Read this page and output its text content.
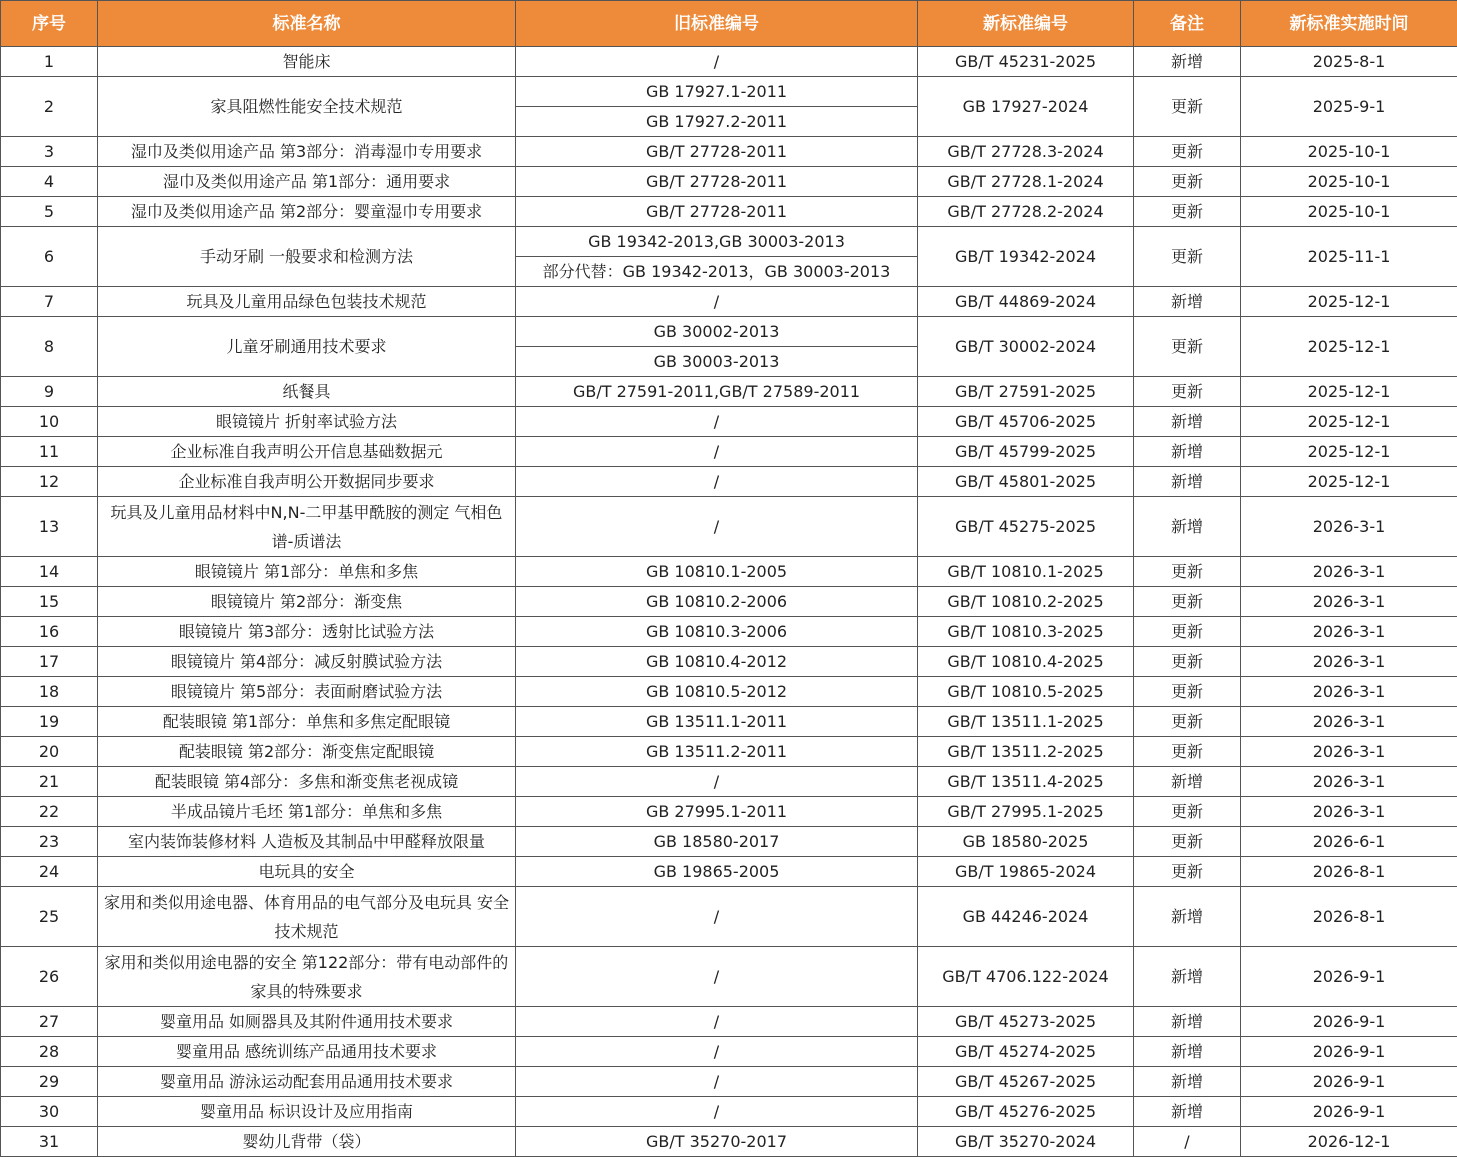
序号	标准名称	旧标准编号	新标准编号	备注	新标准实施时间
1	智能床	/	GB/T 45231-2025	新增	2025-8-1
2	家具阻燃性能安全技术规范	GB 17927.1-2011	GB 17927-2024	更新	2025-9-1
		GB 17927.2-2011			
3	湿巾及类似用途产品 第3部分：消毒湿巾专用要求	GB/T 27728-2011	GB/T 27728.3-2024	更新	2025-10-1
4	湿巾及类似用途产品 第1部分：通用要求	GB/T 27728-2011	GB/T 27728.1-2024	更新	2025-10-1
5	湿巾及类似用途产品 第2部分：婴童湿巾专用要求	GB/T 27728-2011	GB/T 27728.2-2024	更新	2025-10-1
6	手动牙刷 一般要求和检测方法	GB 19342-2013,GB 30003-2013	GB/T 19342-2024	更新	2025-11-1
		部分代替：GB 19342-2013，GB 30003-2013			
7	玩具及儿童用品绿色包装技术规范	/	GB/T 44869-2024	新增	2025-12-1
8	儿童牙刷通用技术要求	GB 30002-2013	GB/T 30002-2024	更新	2025-12-1
		GB 30003-2013			
9	纸餐具	GB/T 27591-2011,GB/T 27589-2011	GB/T 27591-2025	更新	2025-12-1
10	眼镜镜片 折射率试验方法	/	GB/T 45706-2025	新增	2025-12-1
11	企业标准自我声明公开信息基础数据元	/	GB/T 45799-2025	新增	2025-12-1
12	企业标准自我声明公开数据同步要求	/	GB/T 45801-2025	新增	2025-12-1
13	玩具及儿童用品材料中N,N-二甲基甲酰胺的测定 气相色谱-质谱法	/	GB/T 45275-2025	新增	2026-3-1
14	眼镜镜片 第1部分：单焦和多焦	GB 10810.1-2005	GB/T 10810.1-2025	更新	2026-3-1
15	眼镜镜片 第2部分：渐变焦	GB 10810.2-2006	GB/T 10810.2-2025	更新	2026-3-1
16	眼镜镜片 第3部分：透射比试验方法	GB 10810.3-2006	GB/T 10810.3-2025	更新	2026-3-1
17	眼镜镜片 第4部分：减反射膜试验方法	GB 10810.4-2012	GB/T 10810.4-2025	更新	2026-3-1
18	眼镜镜片 第5部分：表面耐磨试验方法	GB 10810.5-2012	GB/T 10810.5-2025	更新	2026-3-1
19	配装眼镜 第1部分：单焦和多焦定配眼镜	GB 13511.1-2011	GB/T 13511.1-2025	更新	2026-3-1
20	配装眼镜 第2部分：渐变焦定配眼镜	GB 13511.2-2011	GB/T 13511.2-2025	更新	2026-3-1
21	配装眼镜 第4部分：多焦和渐变焦老视成镜	/	GB/T 13511.4-2025	新增	2026-3-1
22	半成品镜片毛坯 第1部分：单焦和多焦	GB 27995.1-2011	GB/T 27995.1-2025	更新	2026-3-1
23	室内装饰装修材料 人造板及其制品中甲醛释放限量	GB 18580-2017	GB 18580-2025	更新	2026-6-1
24	电玩具的安全	GB 19865-2005	GB/T 19865-2024	更新	2026-8-1
25	家用和类似用途电器、体育用品的电气部分及电玩具 安全技术规范	/	GB 44246-2024	新增	2026-8-1
26	家用和类似用途电器的安全 第122部分：带有电动部件的家具的特殊要求	/	GB/T 4706.122-2024	新增	2026-9-1
27	婴童用品 如厕器具及其附件通用技术要求	/	GB/T 45273-2025	新增	2026-9-1
28	婴童用品 感统训练产品通用技术要求	/	GB/T 45274-2025	新增	2026-9-1
29	婴童用品 游泳运动配套用品通用技术要求	/	GB/T 45267-2025	新增	2026-9-1
30	婴童用品 标识设计及应用指南	/	GB/T 45276-2025	新增	2026-9-1
31	婴幼儿背带（袋）	GB/T 35270-2017	GB/T 35270-2024	/	2026-12-1
